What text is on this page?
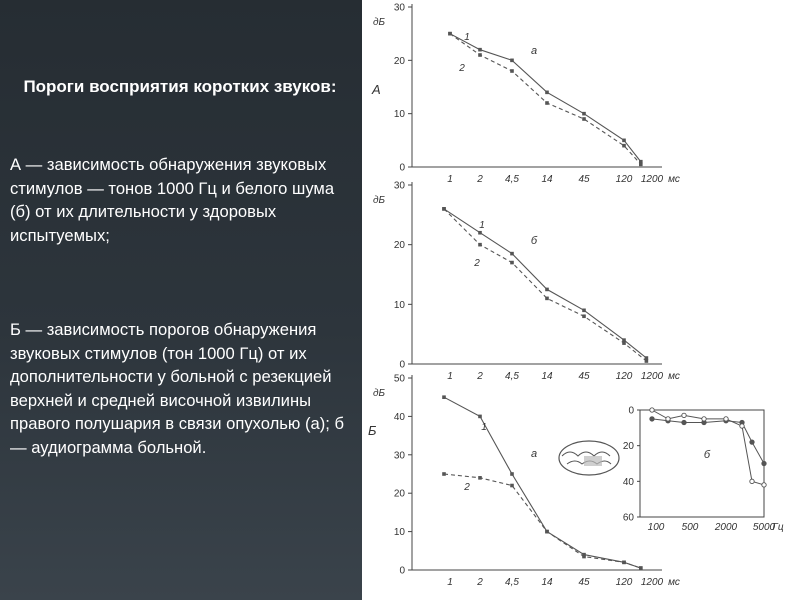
Пороги восприятия коротких звуков:
А — зависимость обнаружения звуковых стимулов — тонов 1000 Гц и белого шума (б) от их длительности у здоровых испытуемых;
Б — зависимость порогов обнаружения звуковых стимулов (тон 1000 Гц) от их дополнительности у больной с резекцией верхней и средней височной извилины правого полушария в связи опухолью (а); б — аудиограмма больной.
0
10
20
30
дБ
1 2 4,5 14	45	120 1200 мс
А
а
1
2
0
10
20
30
дБ
1 2 4,5 14	45	120 1200 мс
б
1
2
0
10
20
30
40
50
дБ
1 2 4,5 14	45	120 1200 мс
Б
а
1
2
0
20
40
60
100 500 2000 5000
Гц
б
